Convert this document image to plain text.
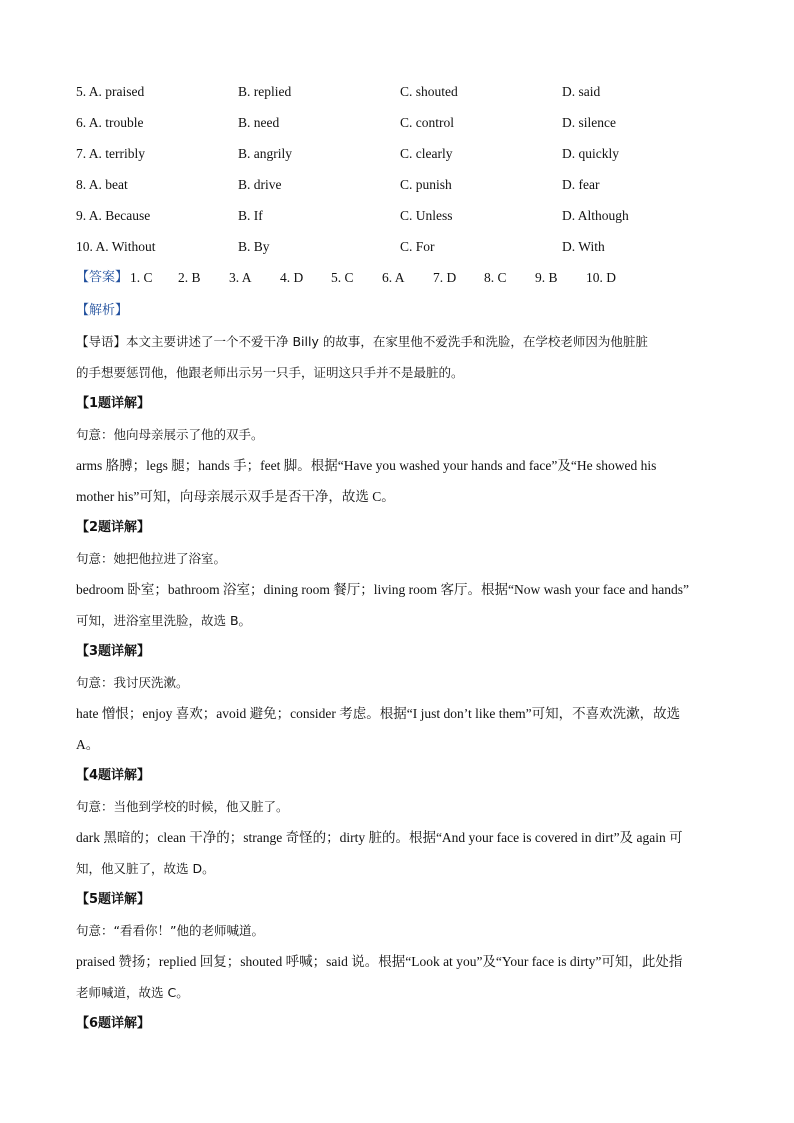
5. A. praised	B. replied	C. shouted	D. said
6. A. trouble	B. need	C. control	D. silence
7. A. terribly	B. angrily	C. clearly	D. quickly
8. A. beat	B. drive	C. punish	D. fear
9. A. Because	B. If	C. Unless	D. Although
10. A. Without	B. By	C. For	D. With
【答案】 1. C	2. B	3. A	4. D	5. C	6. A	7. D	8. C	9. B	10. D
【解析】
【导语】本文主要讲述了一个不爱干净 Billy 的故事，在家里他不爱洗手和洗脸，在学校老师因为他脏脏
的手想要惩罚他，他跟老师出示另一只手，证明这只手并不是最脏的。
【1题详解】
句意：他向母亲展示了他的双手。
arms 胳膊；legs 腿；hands 手；feet 脚。根据“Have you washed your hands and face”及“He showed his
mother his”可知，向母亲展示双手是否干净，故选 C。
【2题详解】
句意：她把他拉进了浴室。
bedroom 卧室；bathroom 浴室；dining room 餐厅；living room 客厅。根据“Now wash your face and hands”
可知，进浴室里洗脸，故选 B。
【3题详解】
句意：我讨厌洗漱。
hate 憎恨；enjoy 喜欢；avoid 避免；consider 考虑。根据“I just don’t like them”可知，不喜欢洗漱，故选
A。
【4题详解】
句意：当他到学校的时候，他又脏了。
dark 黑暗的；clean 干净的；strange 奇怪的；dirty 脏的。根据“And your face is covered in dirt”及 again 可
知，他又脏了，故选 D。
【5题详解】
句意：“看看你！”他的老师喊道。
praised 赞扬；replied 回复；shouted 呼喊；said 说。根据“Look at you”及“Your face is dirty”可知，此处指
老师喊道，故选 C。
【6题详解】
